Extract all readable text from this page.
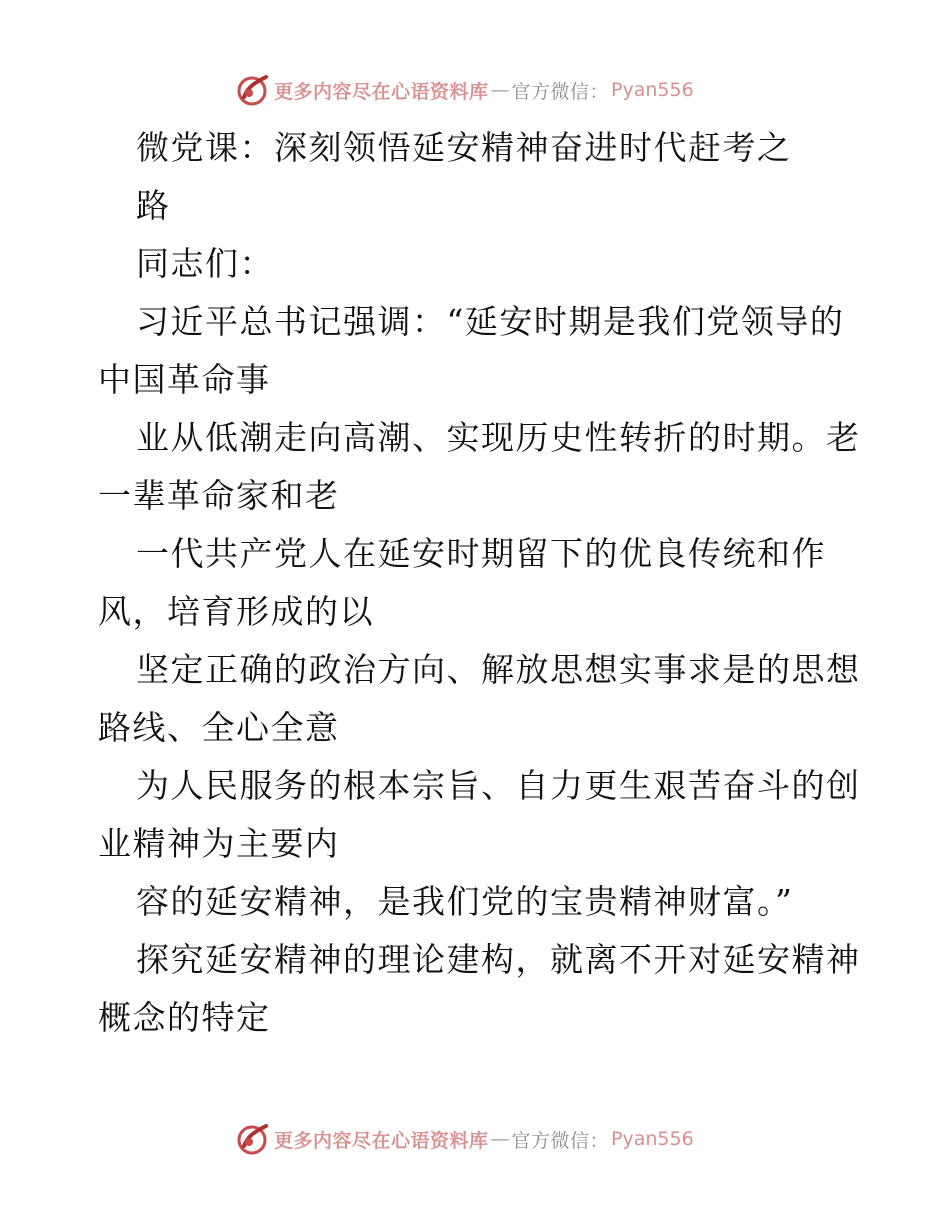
更多内容尽在心语资料库 — 官方微信： Pyan556
微党课：深刻领悟延安精神奋进时代赶考之
路
同志们：
习近平总书记强调：“延安时期是我们党领导的
中国革命事
业从低潮走向高潮、实现历史性转折的时期。老
一辈革命家和老
一代共产党人在延安时期留下的优良传统和作
风，培育形成的以
坚定正确的政治方向、解放思想实事求是的思想
路线、全心全意
为人民服务的根本宗旨、自力更生艰苦奋斗的创
业精神为主要内
容的延安精神，是我们党的宝贵精神财富。”
探究延安精神的理论建构，就离不开对延安精神
概念的特定
更多内容尽在心语资料库 — 官方微信： Pyan556
